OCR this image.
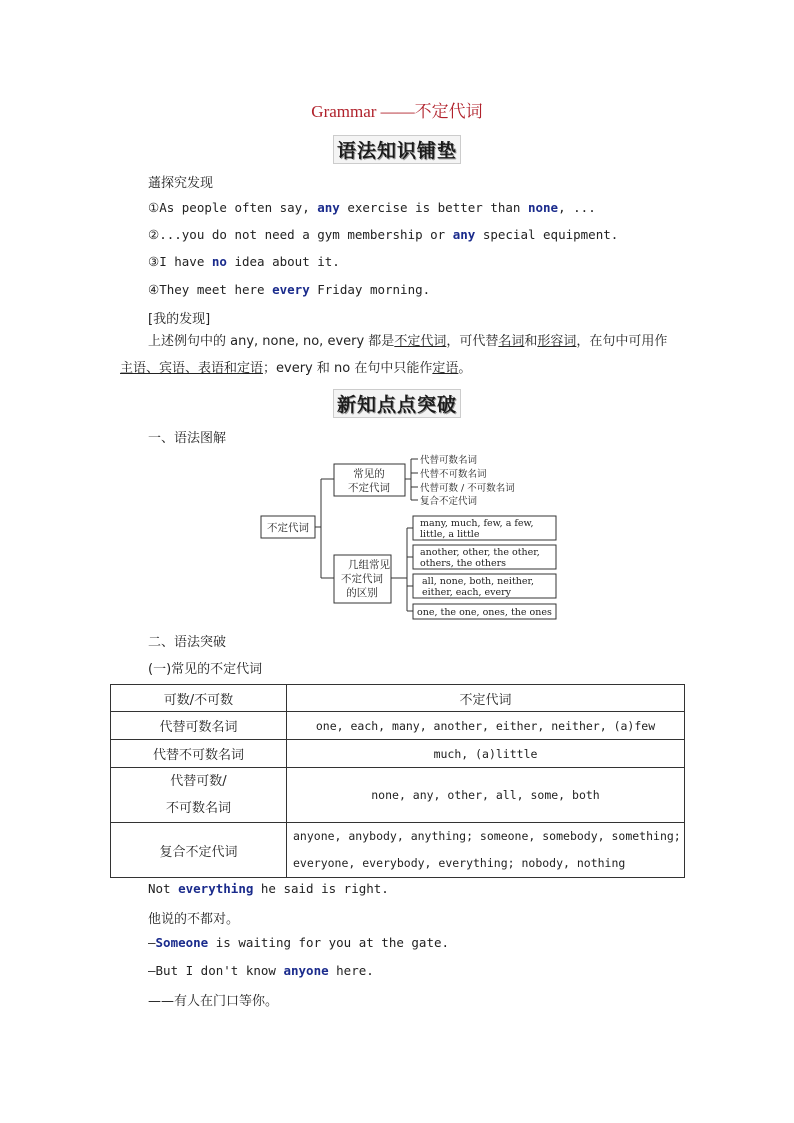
Grammar ——不定代词
语法知识铺垫
蓪探究发现
①As people often say, any exercise is better than none, ...
②...you do not need a gym membership or any special equipment.
③I have no idea about it.
④They meet here every Friday morning.
[我的发现]
上述例句中的 any, none, no, every 都是不定代词，可代替名词和形容词，在句中可用作主语、宾语、表语和定语；every 和 no 在句中只能作定语。
新知点点突破
一、语法图解
不定代词
常见的
不定代词
几组常见
不定代词
的区别
代替可数名词
代替不可数名词
代替可数 / 不可数名词
复合不定代词
many, much, few, a few,
little, a little
another, other, the other,
others, the others
all, none, both, neither,
either, each, every
one, the one, ones, the ones
二、语法突破
(一)常见的不定代词
可数/不可数	不定代词
代替可数名词	one, each, many, another, either, neither, (a)few
代替不可数名词	much, (a)little

代替可数/
不可数名词	none, any, other, all, some, both
复合不定代词	anyone, anybody, anything; someone, somebody, something;
everyone, everybody, everything; nobody, nothing
Not everything he said is right.
他说的不都对。
—Someone is waiting for you at the gate.
—But I don't know anyone here.
——有人在门口等你。
